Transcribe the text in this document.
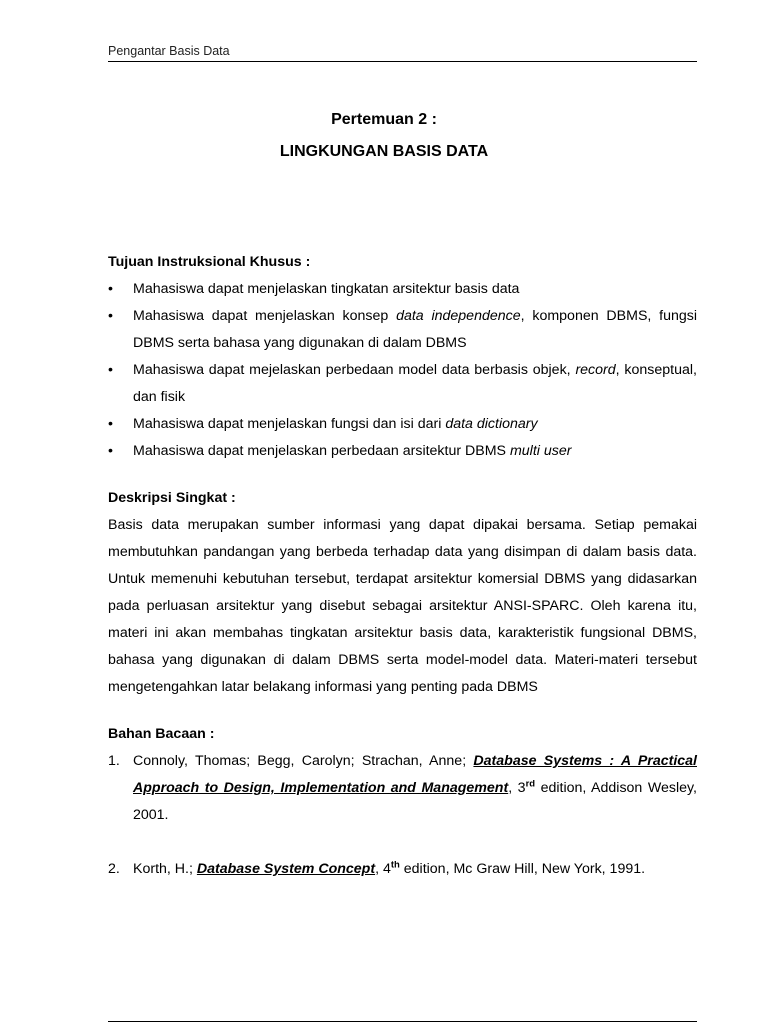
Pengantar Basis Data
Pertemuan 2 :
LINGKUNGAN BASIS DATA
Tujuan Instruksional Khusus :
• Mahasiswa dapat menjelaskan tingkatan arsitektur basis data
• Mahasiswa dapat menjelaskan konsep data independence, komponen DBMS, fungsi DBMS serta bahasa yang digunakan di dalam DBMS
• Mahasiswa dapat mejelaskan perbedaan model data berbasis objek, record, konseptual, dan fisik
• Mahasiswa dapat menjelaskan fungsi dan isi dari data dictionary
• Mahasiswa dapat menjelaskan perbedaan arsitektur DBMS multi user
Deskripsi Singkat :

Basis data merupakan sumber informasi yang dapat dipakai bersama. Setiap pemakai membutuhkan pandangan yang berbeda terhadap data yang disimpan di dalam basis data. Untuk memenuhi kebutuhan tersebut, terdapat arsitektur komersial DBMS yang didasarkan pada perluasan arsitektur yang disebut sebagai arsitektur ANSI-SPARC. Oleh karena itu, materi ini akan membahas tingkatan arsitektur basis data, karakteristik fungsional DBMS, bahasa yang digunakan di dalam DBMS serta model-model data. Materi-materi tersebut mengetengahkan latar belakang informasi yang penting pada DBMS

Bahan Bacaan :
1. Connoly, Thomas; Begg, Carolyn; Strachan, Anne; Database Systems : A Practical Approach to Design, Implementation and Management, 3rd edition, Addison Wesley, 2001.
2. Korth, H.; Database System Concept, 4th edition, Mc Graw Hill, New York, 1991.
